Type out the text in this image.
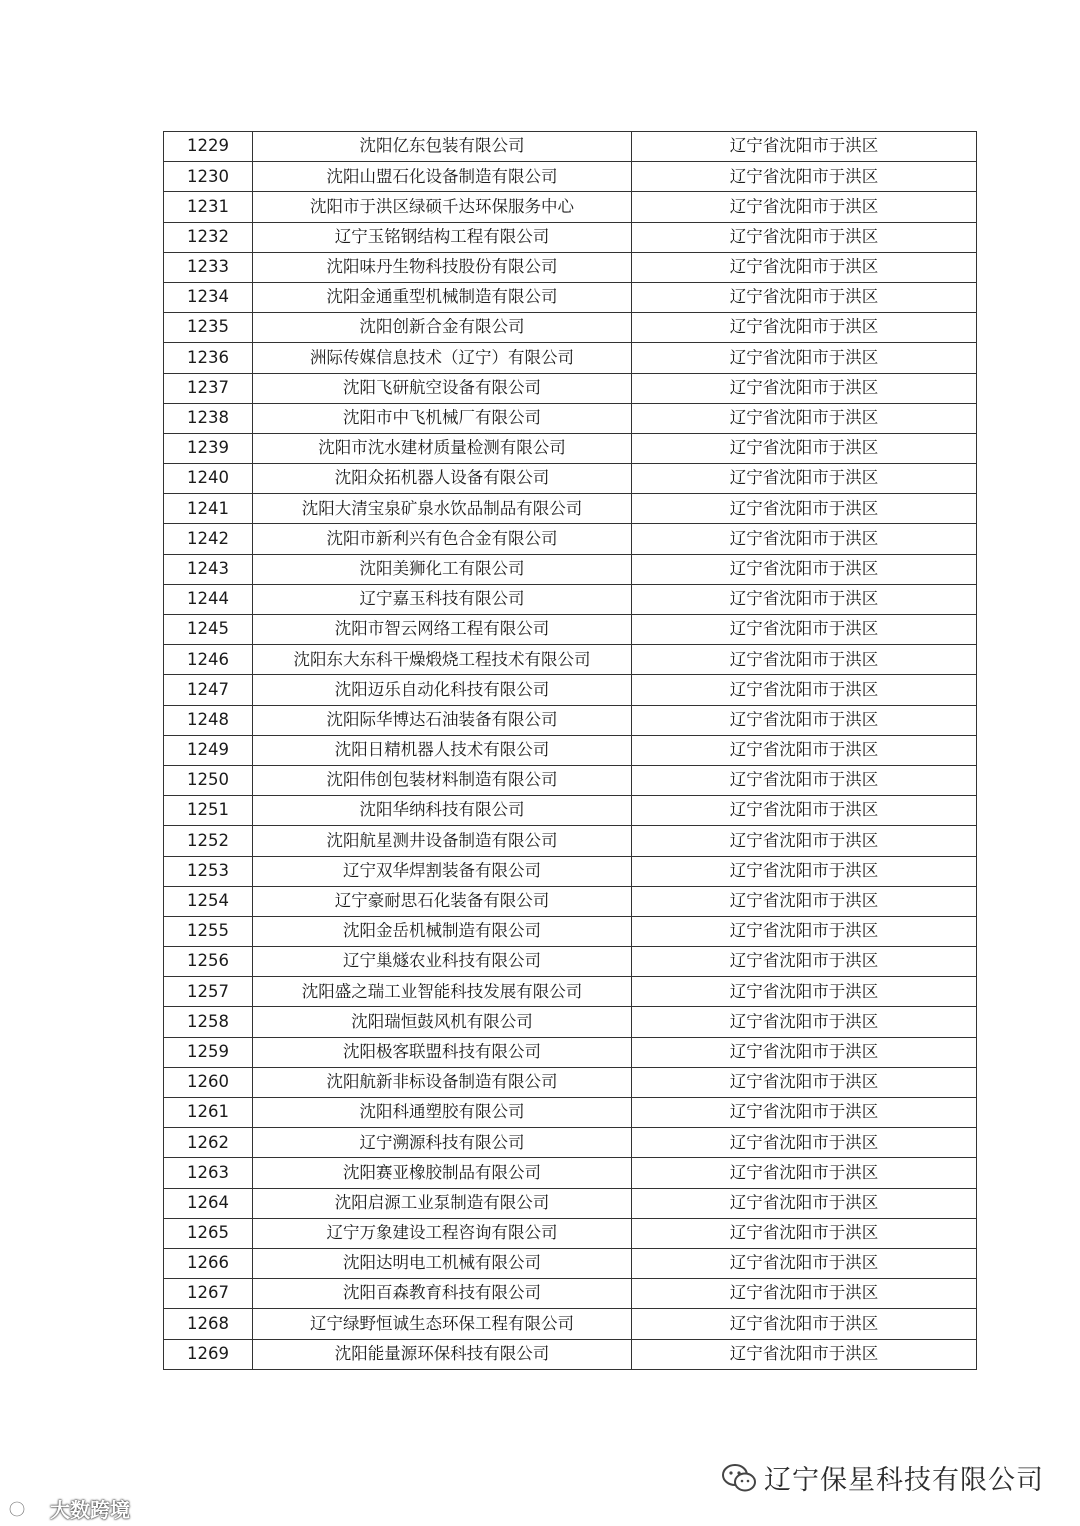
1229	沈阳亿东包装有限公司	辽宁省沈阳市于洪区
1230	沈阳山盟石化设备制造有限公司	辽宁省沈阳市于洪区
1231	沈阳市于洪区绿硕千达环保服务中心	辽宁省沈阳市于洪区
1232	辽宁玉铭钢结构工程有限公司	辽宁省沈阳市于洪区
1233	沈阳味丹生物科技股份有限公司	辽宁省沈阳市于洪区
1234	沈阳金通重型机械制造有限公司	辽宁省沈阳市于洪区
1235	沈阳创新合金有限公司	辽宁省沈阳市于洪区
1236	洲际传媒信息技术（辽宁）有限公司	辽宁省沈阳市于洪区
1237	沈阳飞研航空设备有限公司	辽宁省沈阳市于洪区
1238	沈阳市中飞机械厂有限公司	辽宁省沈阳市于洪区
1239	沈阳市沈水建材质量检测有限公司	辽宁省沈阳市于洪区
1240	沈阳众拓机器人设备有限公司	辽宁省沈阳市于洪区
1241	沈阳大清宝泉矿泉水饮品制品有限公司	辽宁省沈阳市于洪区
1242	沈阳市新利兴有色合金有限公司	辽宁省沈阳市于洪区
1243	沈阳美狮化工有限公司	辽宁省沈阳市于洪区
1244	辽宁嘉玉科技有限公司	辽宁省沈阳市于洪区
1245	沈阳市智云网络工程有限公司	辽宁省沈阳市于洪区
1246	沈阳东大东科干燥煅烧工程技术有限公司	辽宁省沈阳市于洪区
1247	沈阳迈乐自动化科技有限公司	辽宁省沈阳市于洪区
1248	沈阳际华博达石油装备有限公司	辽宁省沈阳市于洪区
1249	沈阳日精机器人技术有限公司	辽宁省沈阳市于洪区
1250	沈阳伟创包装材料制造有限公司	辽宁省沈阳市于洪区
1251	沈阳华纳科技有限公司	辽宁省沈阳市于洪区
1252	沈阳航星测井设备制造有限公司	辽宁省沈阳市于洪区
1253	辽宁双华焊割装备有限公司	辽宁省沈阳市于洪区
1254	辽宁豪耐思石化装备有限公司	辽宁省沈阳市于洪区
1255	沈阳金岳机械制造有限公司	辽宁省沈阳市于洪区
1256	辽宁巢燧农业科技有限公司	辽宁省沈阳市于洪区
1257	沈阳盛之瑞工业智能科技发展有限公司	辽宁省沈阳市于洪区
1258	沈阳瑞恒鼓风机有限公司	辽宁省沈阳市于洪区
1259	沈阳极客联盟科技有限公司	辽宁省沈阳市于洪区
1260	沈阳航新非标设备制造有限公司	辽宁省沈阳市于洪区
1261	沈阳科通塑胶有限公司	辽宁省沈阳市于洪区
1262	辽宁溯源科技有限公司	辽宁省沈阳市于洪区
1263	沈阳赛亚橡胶制品有限公司	辽宁省沈阳市于洪区
1264	沈阳启源工业泵制造有限公司	辽宁省沈阳市于洪区
1265	辽宁万象建设工程咨询有限公司	辽宁省沈阳市于洪区
1266	沈阳达明电工机械有限公司	辽宁省沈阳市于洪区
1267	沈阳百森教育科技有限公司	辽宁省沈阳市于洪区
1268	辽宁绿野恒诚生态环保工程有限公司	辽宁省沈阳市于洪区
1269	沈阳能量源环保科技有限公司	辽宁省沈阳市于洪区
辽宁保星科技有限公司
大数跨境
